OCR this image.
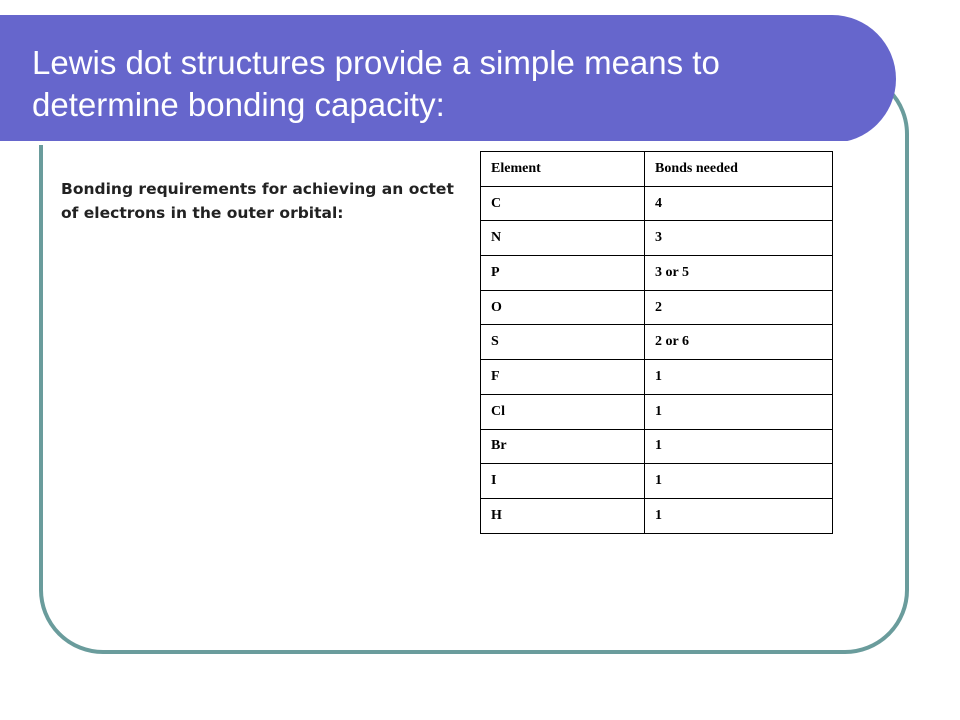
Lewis dot structures provide a simple means to determine bonding capacity:

Bonding requirements for achieving an octet of electrons in the outer orbital:

Element	Bonds needed
C	4
N	3
P	3 or 5
O	2
S	2 or 6
F	1
Cl	1
Br	1
I	1
H	1
